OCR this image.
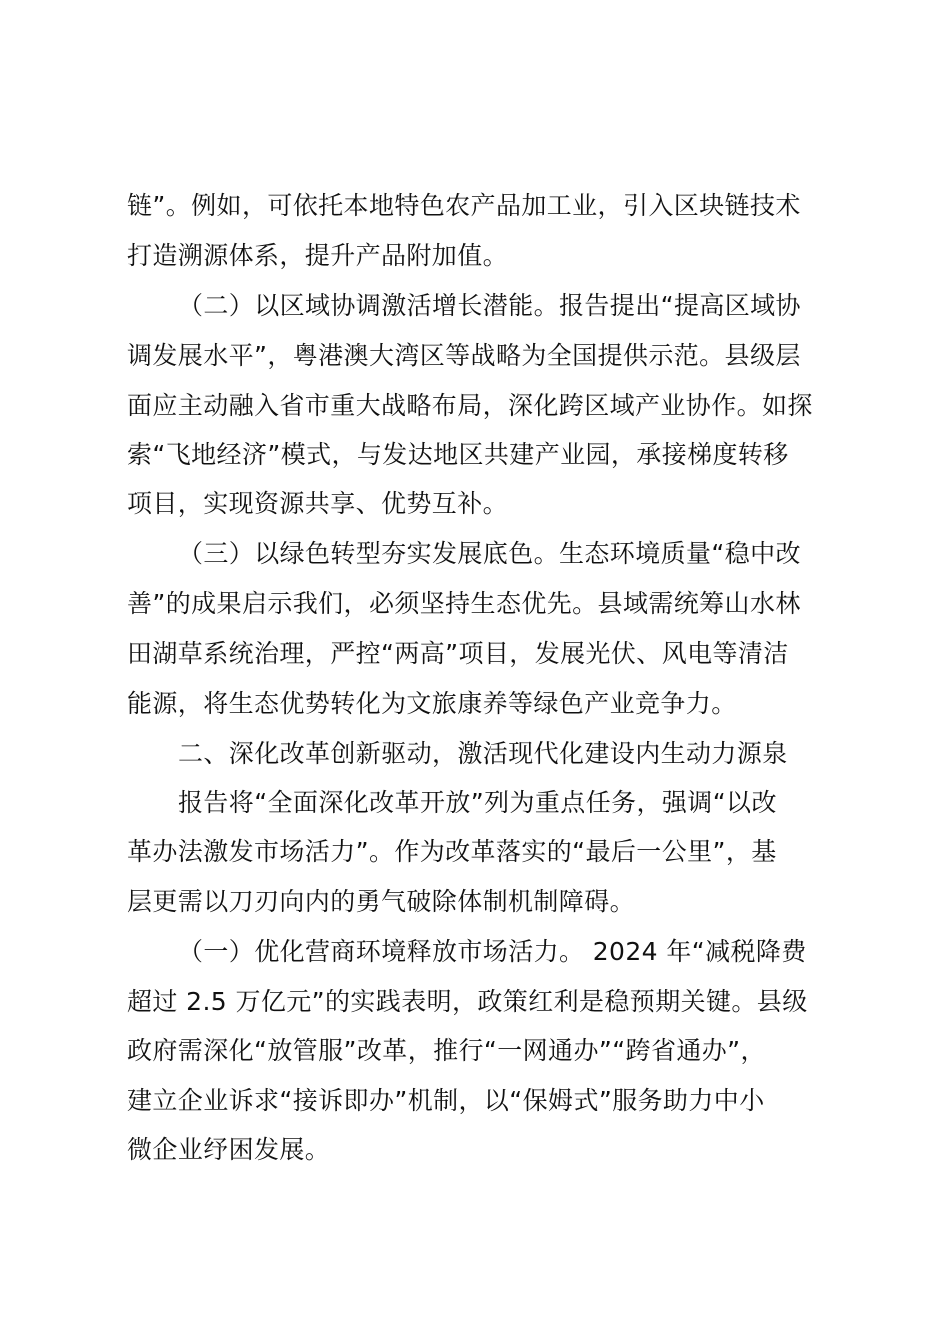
链”。例如，可依托本地特色农产品加工业，引入区块链技术
打造溯源体系，提升产品附加值。
（二）以区域协调激活增长潜能。报告提出“提高区域协
调发展水平”，粤港澳大湾区等战略为全国提供示范。县级层
面应主动融入省市重大战略布局，深化跨区域产业协作。如探
索“飞地经济”模式，与发达地区共建产业园，承接梯度转移
项目，实现资源共享、优势互补。
（三）以绿色转型夯实发展底色。生态环境质量“稳中改
善”的成果启示我们，必须坚持生态优先。县域需统筹山水林
田湖草系统治理，严控“两高”项目，发展光伏、风电等清洁
能源，将生态优势转化为文旅康养等绿色产业竞争力。
二、深化改革创新驱动，激活现代化建设内生动力源泉
报告将“全面深化改革开放”列为重点任务，强调“以改
革办法激发市场活力”。作为改革落实的“最后一公里”，基
层更需以刀刃向内的勇气破除体制机制障碍。
（一）优化营商环境释放市场活力。 2024 年“减税降费
超过 2.5 万亿元”的实践表明，政策红利是稳预期关键。县级
政府需深化“放管服”改革，推行“一网通办”“跨省通办”，
建立企业诉求“接诉即办”机制，以“保姆式”服务助力中小
微企业纾困发展。
